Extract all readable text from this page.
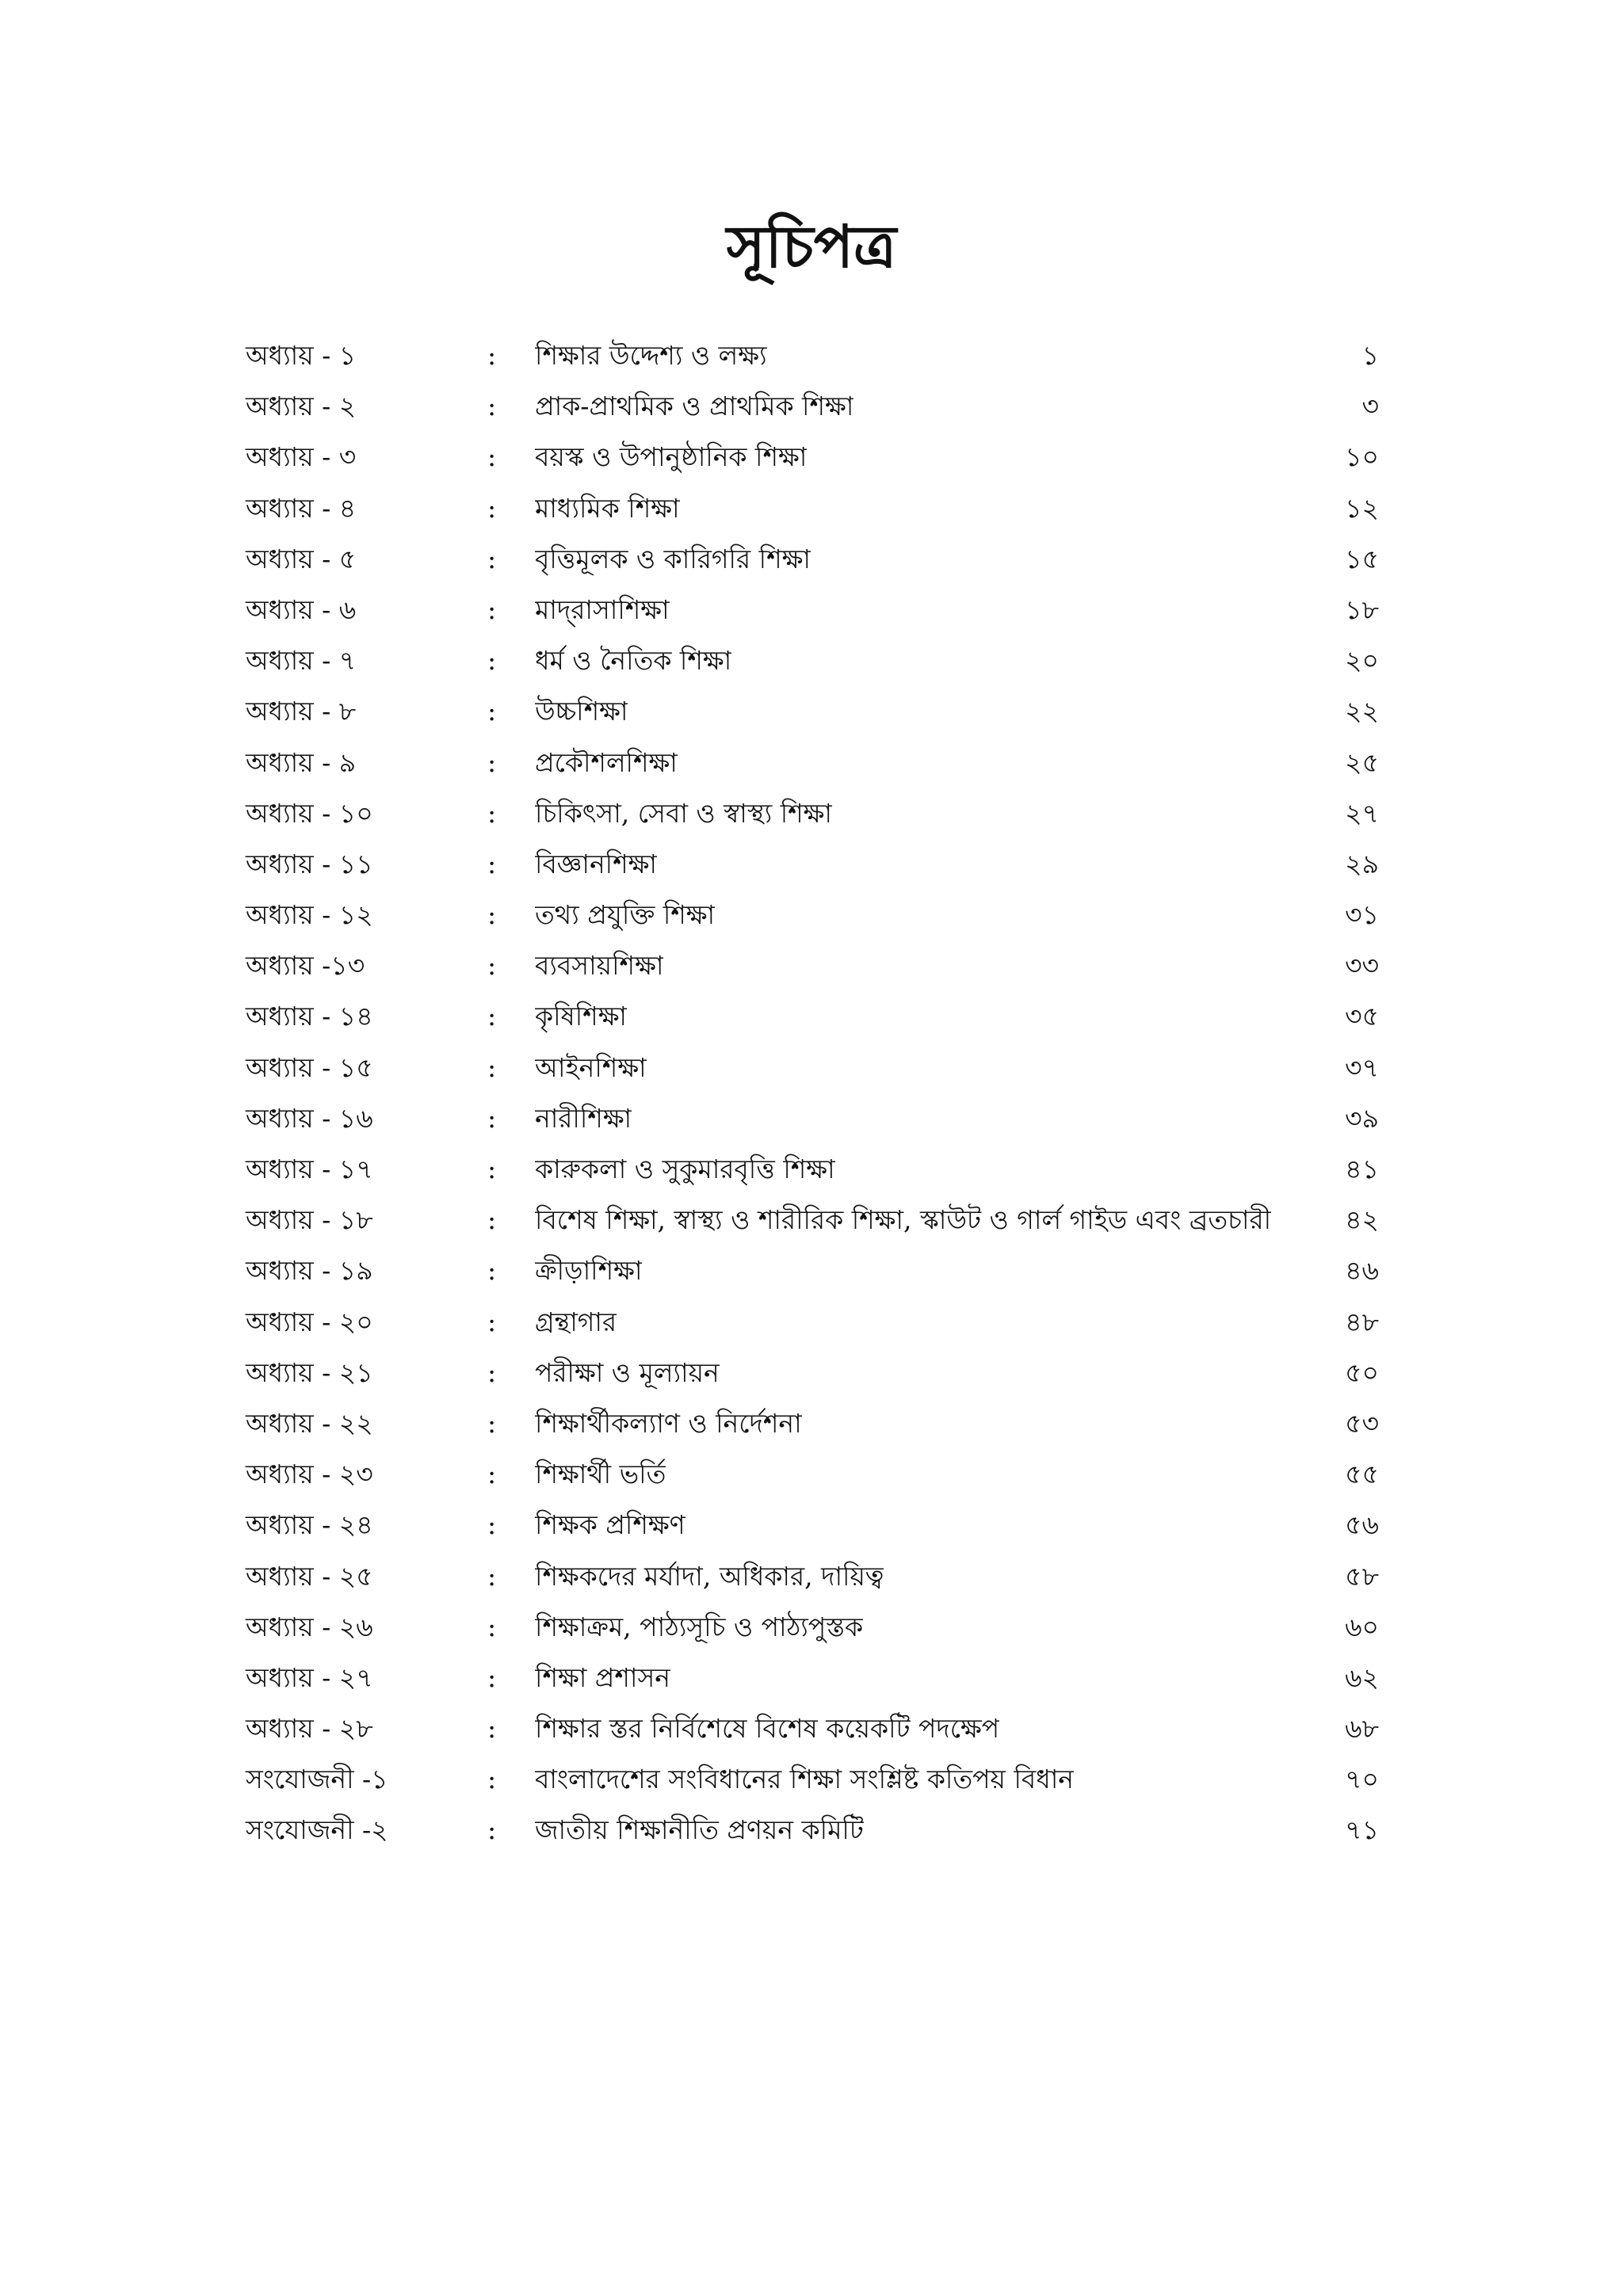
সূচিপত্র
অধ্যায় - ১	: শিক্ষার উদ্দেশ্য ও লক্ষ্য	১
অধ্যায় - ২	: প্রাক-প্রাথমিক ও প্রাথমিক শিক্ষা	৩
অধ্যায় - ৩	: বয়স্ক ও উপানুষ্ঠানিক শিক্ষা	১০
অধ্যায় - ৪	: মাধ্যমিক শিক্ষা	১২
অধ্যায় - ৫	: বৃত্তিমূলক ও কারিগরি শিক্ষা	১৫
অধ্যায় - ৬	: মাদ্‌রাসাশিক্ষা	১৮
অধ্যায় - ৭	: ধর্ম ও নৈতিক শিক্ষা	২০
অধ্যায় - ৮	: উচ্চশিক্ষা	২২
অধ্যায় - ৯	: প্রকৌশলশিক্ষা	২৫
অধ্যায় - ১০	: চিকিৎসা, সেবা ও স্বাস্থ্য শিক্ষা	২৭
অধ্যায় - ১১	: বিজ্ঞানশিক্ষা	২৯
অধ্যায় - ১২	: তথ্য প্রযুক্তি শিক্ষা	৩১
অধ্যায় -১৩	: ব্যবসায়শিক্ষা	৩৩
অধ্যায় - ১৪	: কৃষিশিক্ষা	৩৫
অধ্যায় - ১৫	: আইনশিক্ষা	৩৭
অধ্যায় - ১৬	: নারীশিক্ষা	৩৯
অধ্যায় - ১৭	: কারুকলা ও সুকুমারবৃত্তি শিক্ষা	৪১
অধ্যায় - ১৮	: বিশেষ শিক্ষা, স্বাস্থ্য ও শারীরিক শিক্ষা, স্কাউট ও গার্ল গাইড এবং ব্রতচারী	৪২
অধ্যায় - ১৯	: ক্রীড়াশিক্ষা	৪৬
অধ্যায় - ২০	: গ্রন্থাগার	৪৮
অধ্যায় - ২১	: পরীক্ষা ও মূল্যায়ন	৫০
অধ্যায় - ২২	: শিক্ষার্থীকল্যাণ ও নির্দেশনা	৫৩
অধ্যায় - ২৩	: শিক্ষার্থী ভর্তি	৫৫
অধ্যায় - ২৪	: শিক্ষক প্রশিক্ষণ	৫৬
অধ্যায় - ২৫	: শিক্ষকদের মর্যাদা, অধিকার, দায়িত্ব	৫৮
অধ্যায় - ২৬	: শিক্ষাক্রম, পাঠ্যসূচি ও পাঠ্যপুস্তক	৬০
অধ্যায় - ২৭	: শিক্ষা প্রশাসন	৬২
অধ্যায় - ২৮	: শিক্ষার স্তর নির্বিশেষে বিশেষ কয়েকটি পদক্ষেপ	৬৮
সংযোজনী -১	: বাংলাদেশের সংবিধানের শিক্ষা সংশ্লিষ্ট কতিপয় বিধান	৭০
সংযোজনী -২	: জাতীয় শিক্ষানীতি প্রণয়ন কমিটি	৭১
